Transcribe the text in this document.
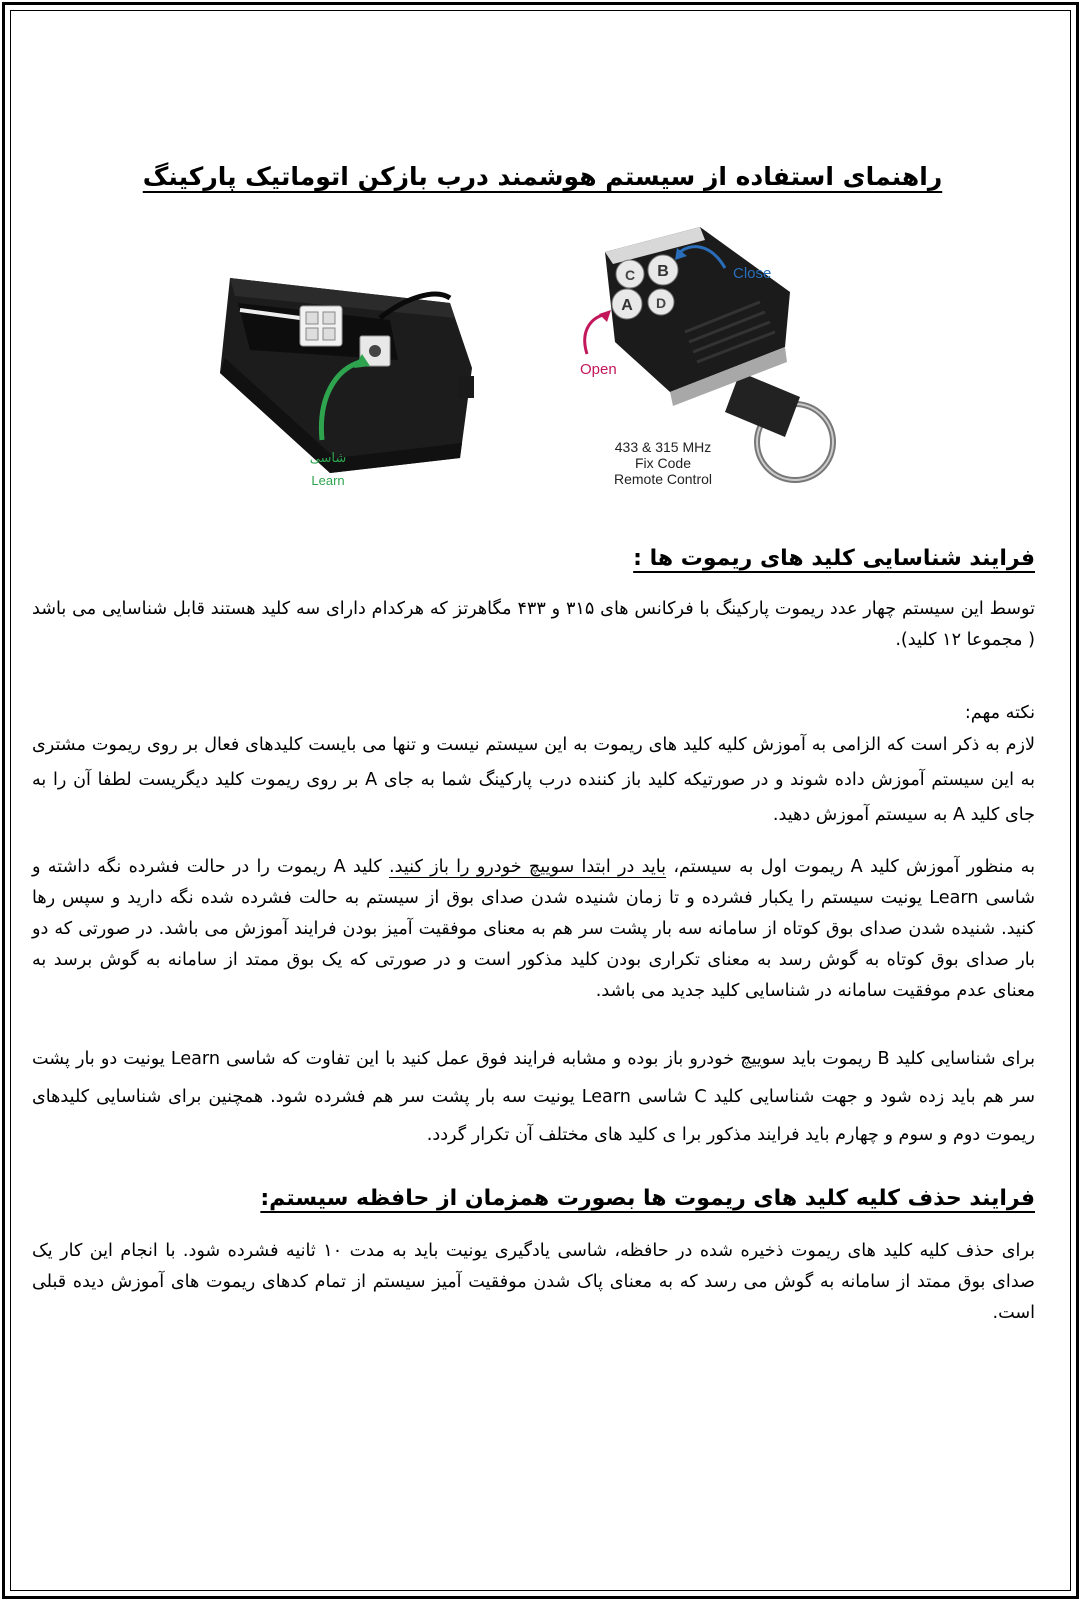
راهنمای استفاده از سیستم هوشمند درب بازکن اتوماتیک پارکینگ
شاسی
Learn
C B
A D
Close
Open
433 & 315 MHz
Fix Code
Remote Control
فرایند شناسایی کلید های ریموت ها :
توسط این سیستم چهار عدد ریموت پارکینگ با فرکانس های ۳۱۵ و ۴۳۳ مگاهرتز که هرکدام دارای سه کلید هستند قابل شناسایی می باشد ( مجموعا ۱۲ کلید).
نکته مهم:
لازم به ذکر است که الزامی به آموزش کلیه کلید های ریموت به این سیستم نیست و تنها می بایست کلیدهای فعال بر روی ریموت مشتری به این سیستم آموزش داده شوند و در صورتیکه کلید باز کننده درب پارکینگ شما به جای A بر روی ریموت کلید دیگریست لطفا آن را به جای کلید A به سیستم آموزش دهید.
به منظور آموزش کلید A ریموت اول به سیستم، باید در ابتدا سوییچ خودرو را باز کنید. کلید A ریموت را در حالت فشرده نگه داشته و شاسی Learn یونیت سیستم را یکبار فشرده و تا زمان شنیده شدن صدای بوق از سیستم به حالت فشرده شده نگه دارید و سپس رها کنید. شنیده شدن صدای بوق کوتاه از سامانه سه بار پشت سر هم به معنای موفقیت آمیز بودن فرایند آموزش می باشد. در صورتی که دو بار صدای بوق کوتاه به گوش رسد به معنای تکراری بودن کلید مذکور است و در صورتی که یک بوق ممتد از سامانه به گوش برسد به معنای عدم موفقیت سامانه در شناسایی کلید جدید می باشد.
برای شناسایی کلید B ریموت باید سوییچ خودرو باز بوده و مشابه فرایند فوق عمل کنید با این تفاوت که شاسی Learn یونیت دو بار پشت سر هم باید زده شود و جهت شناسایی کلید C شاسی Learn یونیت سه بار پشت سر هم فشرده شود. همچنین برای شناسایی کلیدهای ریموت دوم و سوم و چهارم باید فرایند مذکور برا ی کلید های مختلف آن تکرار گردد.
فرایند حذف کلیه کلید های ریموت ها بصورت همزمان از حافظه سیستم:
برای حذف کلیه کلید های ریموت ذخیره شده در حافظه، شاسی یادگیری یونیت باید به مدت ۱۰ ثانیه فشرده شود. با انجام این کار یک صدای بوق ممتد از سامانه به گوش می رسد که به معنای پاک شدن موفقیت آمیز سیستم از تمام کدهای ریموت های آموزش دیده قبلی است.
